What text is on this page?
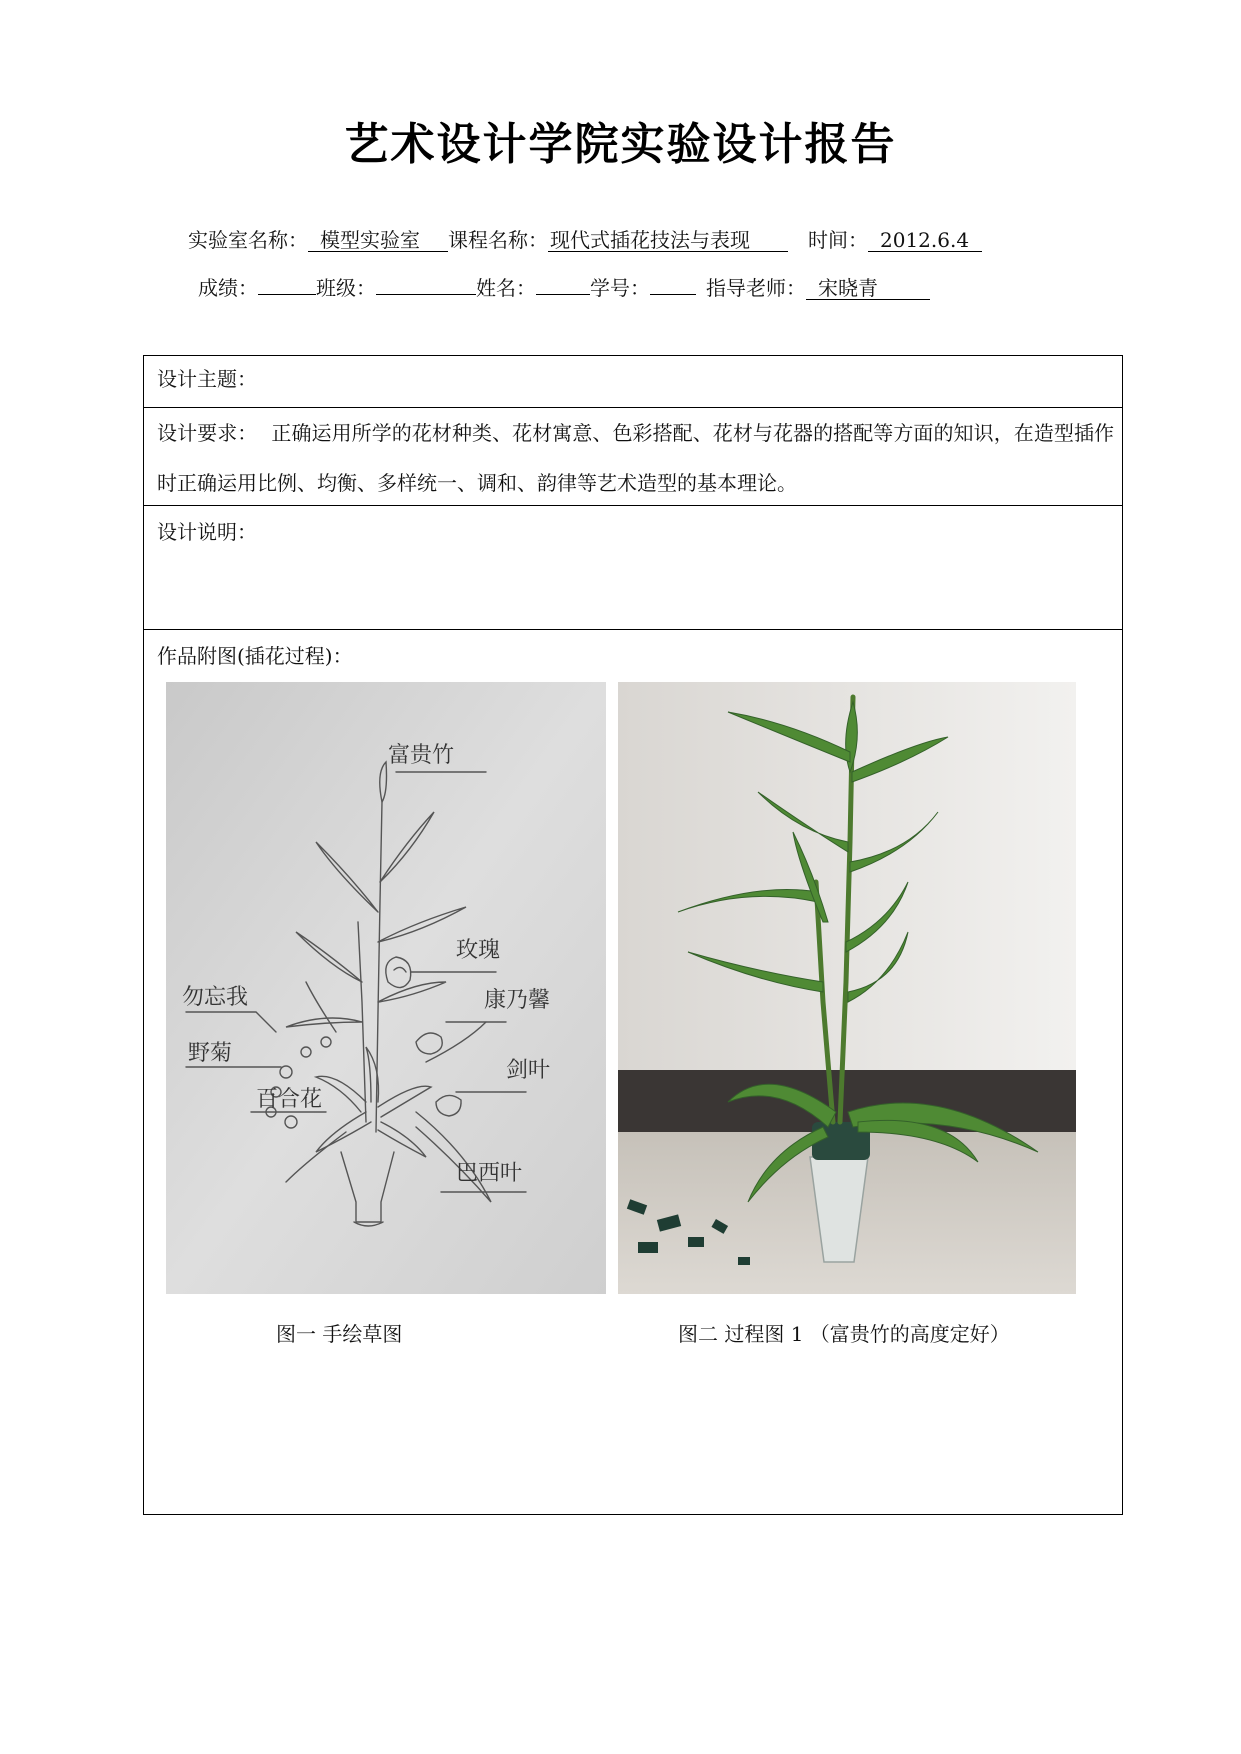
艺术设计学院实验设计报告
实验室名称： 模型实验室 课程名称： 现代式插花技法与表现	时间： 2012.6.4
成绩：	班级：	姓名：	学号：	指导老师： 宋晓青
设计主题：
设计要求： 正确运用所学的花材种类、花材寓意、色彩搭配、花材与花器的搭配等方面的知识，在造型插作时正确运用比例、均衡、多样统一、调和、韵律等艺术造型的基本理论。
设计说明：
作品附图(插花过程)：
富贵竹
玫瑰
康乃馨
剑叶
勿忘我
野菊
百合花
巴西叶
图一 手绘草图	图二 过程图 1 （富贵竹的高度定好）
